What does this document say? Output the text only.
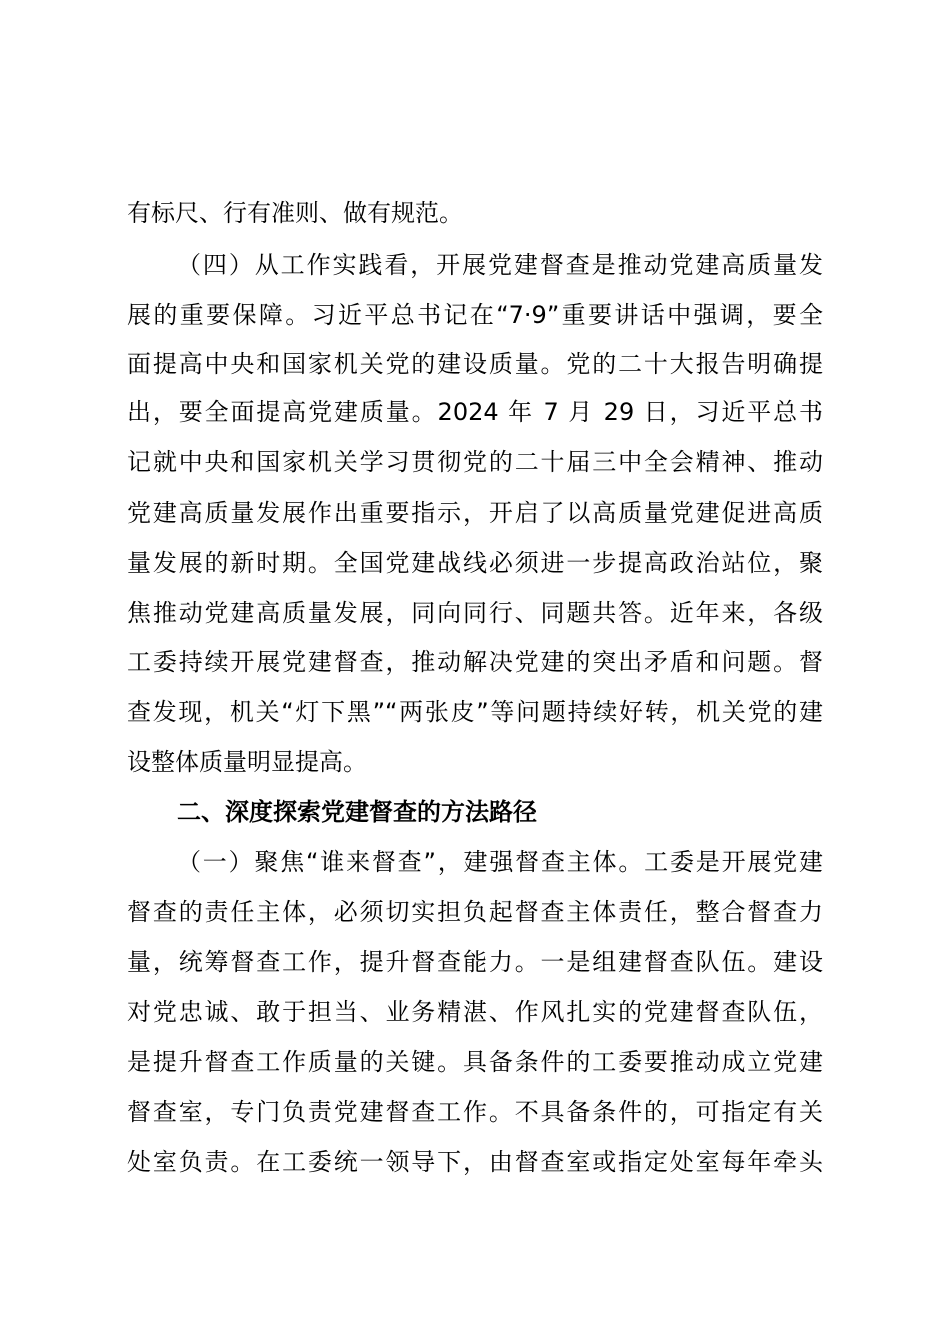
有标尺、行有准则、做有规范。
（四）从工作实践看，开展党建督查是推动党建高质量发
展的重要保障。习近平总书记在“7·9”重要讲话中强调，要全
面提高中央和国家机关党的建设质量。党的二十大报告明确提
出，要全面提高党建质量。2024 年 7 月 29 日，习近平总书
记就中央和国家机关学习贯彻党的二十届三中全会精神、推动
党建高质量发展作出重要指示，开启了以高质量党建促进高质
量发展的新时期。全国党建战线必须进一步提高政治站位，聚
焦推动党建高质量发展，同向同行、同题共答。近年来，各级
工委持续开展党建督查，推动解决党建的突出矛盾和问题。督
查发现，机关“灯下黑”“两张皮”等问题持续好转，机关党的建
设整体质量明显提高。
二、深度探索党建督查的方法路径
（一）聚焦“谁来督查”，建强督查主体。工委是开展党建
督查的责任主体，必须切实担负起督查主体责任，整合督查力
量，统筹督查工作，提升督查能力。一是组建督查队伍。建设
对党忠诚、敢于担当、业务精湛、作风扎实的党建督查队伍，
是提升督查工作质量的关键。具备条件的工委要推动成立党建
督查室，专门负责党建督查工作。不具备条件的，可指定有关
处室负责。在工委统一领导下，由督查室或指定处室每年牵头
